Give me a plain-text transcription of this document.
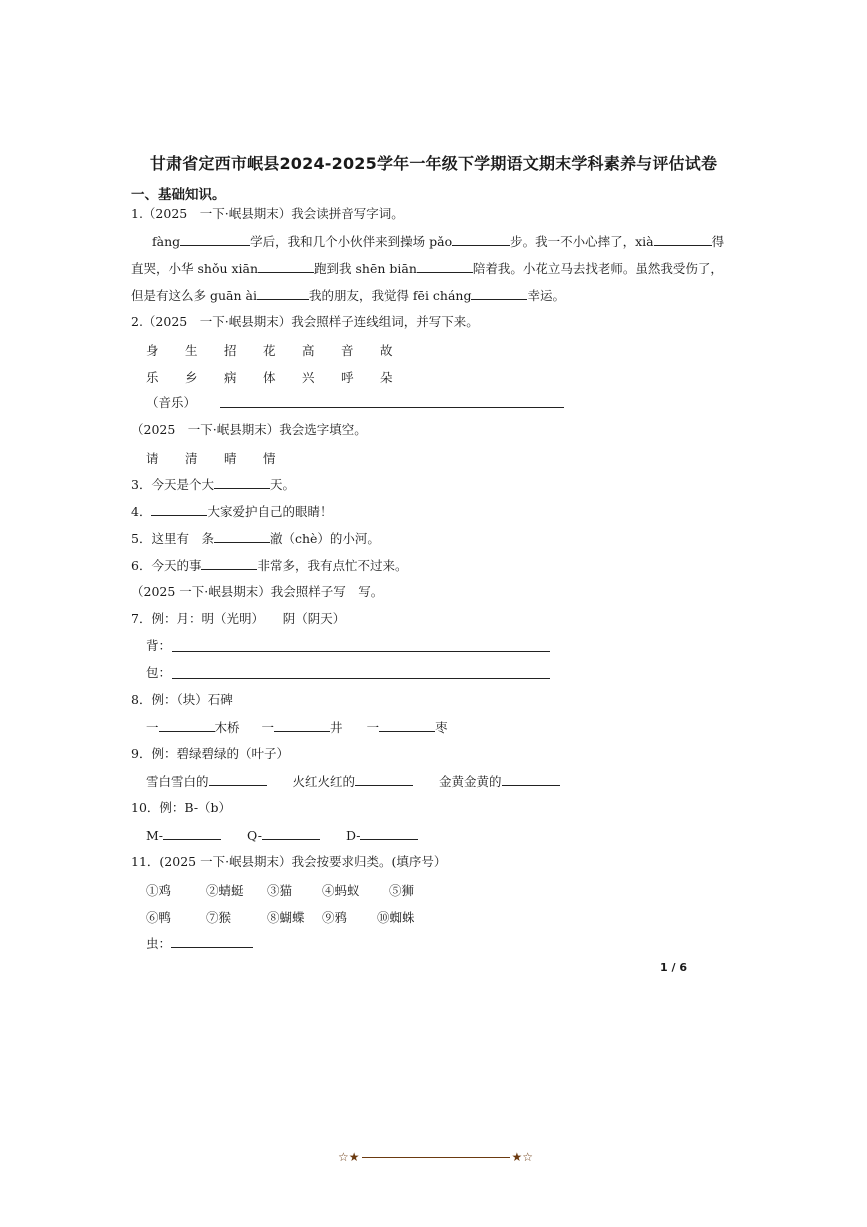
甘肃省定西市岷县2024-2025学年一年级下学期语文期末学科素养与评估试卷
一、基础知识。
1.（2025　一下·岷县期末）我会读拼音写字词。
fàng	学后，我和几个小伙伴来到操场 pǎo	步。我一不小心摔了，xià	得
直哭，小华 shǒu xiān	跑到我 shēn biān	陪着我。小花立马去找老师。虽然我受伤了，
但是有这么多 guān ài	我的朋友，我觉得 fēi cháng	幸运。
2.（2025　一下·岷县期末）我会照样子连线组词，并写下来。
身 生 招 花 高 音 故
乐 乡 病 体 兴 呼 朵
（音乐）
（2025　一下·岷县期末）我会选字填空。
请 清 晴 情
3．今天是个大	天。
4．	大家爱护自己的眼睛！
5．这里有　条	澈（chè）的小河。
6．今天的事	非常多，我有点忙不过来。
（2025 一下·岷县期末）我会照样子写　写。
7．例：月：明（光明）　　阴（阴天）
背：
包：
8．例：（块）石碑
一	木桥 一	井 一	枣
9．例：碧绿碧绿的（叶子）
雪白雪白的	火红火红的	金黄金黄的
10．例：B-（b）
M-	Q-	D-
11．(2025 一下·岷县期末）我会按要求归类。(填序号）
①鸡	②蜻蜓 ③猫 ④蚂蚁 ⑤狮
⑥鸭	⑦猴	⑧蝴蝶 ⑨鸦 ⑩蜘蛛
虫：
1 / 6
☆★	★☆
